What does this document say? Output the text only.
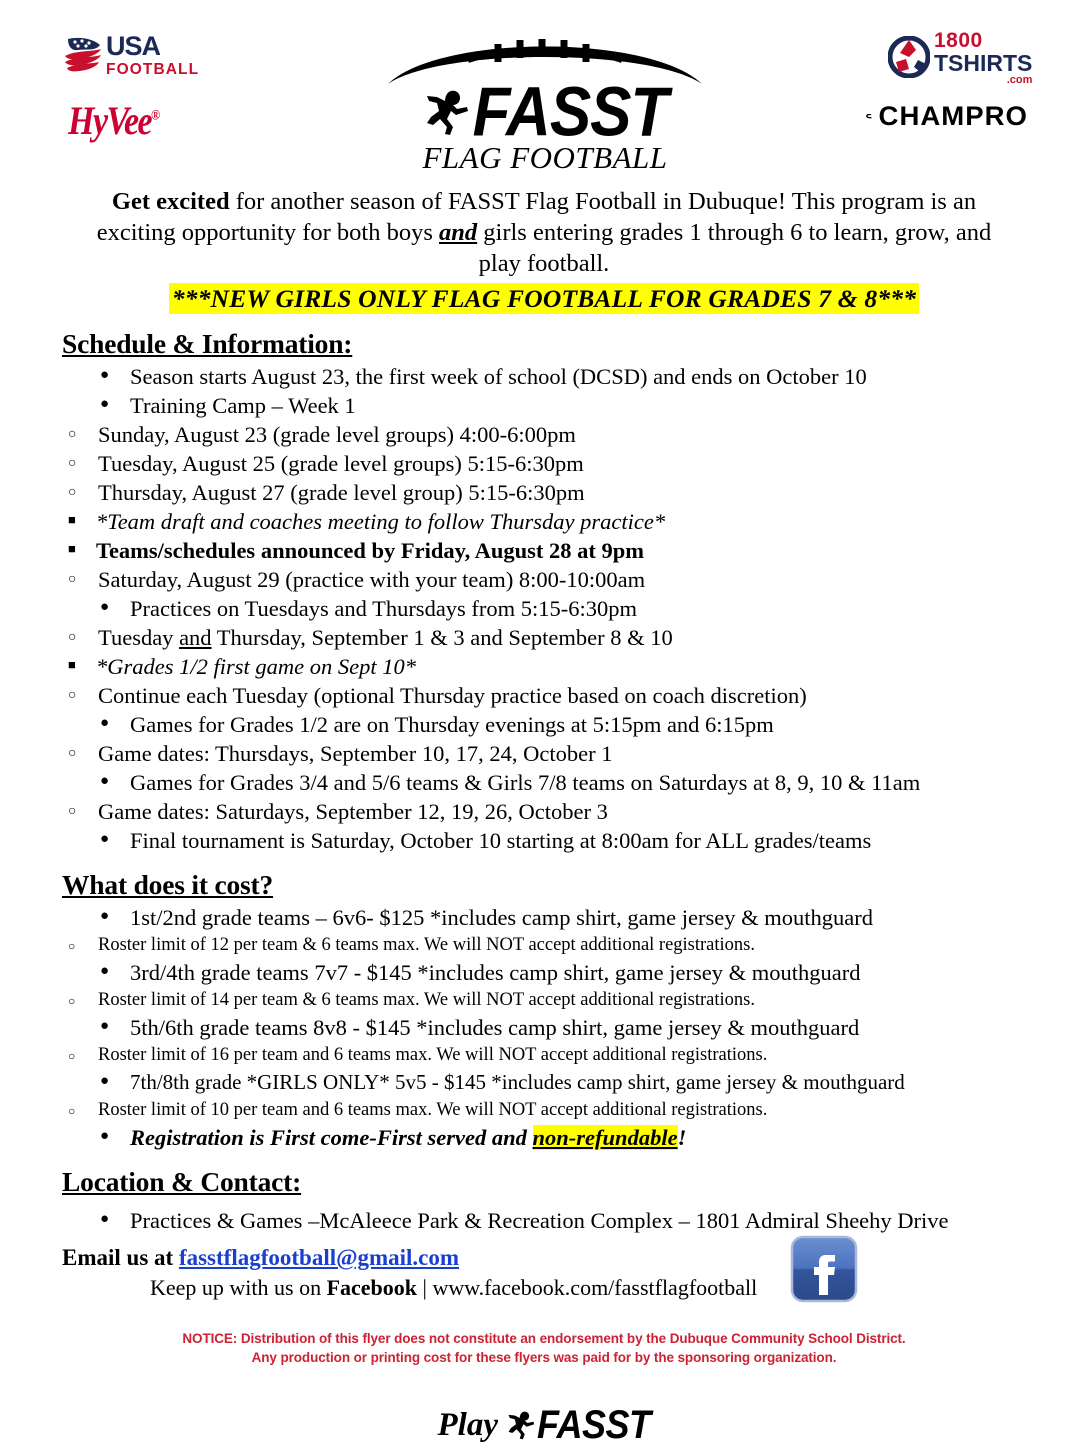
USA
FOOTBALL
HyVee®	FASST
FLAG FOOTBALL
1800
TSHIRTS
.com
CHAMPRO
Get excited for another season of FASST Flag Football in Dubuque! This program is an exciting opportunity for both boys and girls entering grades 1 through 6 to learn, grow, and play football.
***NEW GIRLS ONLY FLAG FOOTBALL FOR GRADES 7 & 8***
Schedule & Information:
● Season starts August 23, the first week of school (DCSD) and ends on October 10
● Training Camp – Week 1
○ Sunday, August 23 (grade level groups) 4:00-6:00pm
○ Tuesday, August 25 (grade level groups) 5:15-6:30pm
○ Thursday, August 27 (grade level group) 5:15-6:30pm
■ *Team draft and coaches meeting to follow Thursday practice*
■ Teams/schedules announced by Friday, August 28 at 9pm
○ Saturday, August 29 (practice with your team) 8:00-10:00am
● Practices on Tuesdays and Thursdays from 5:15-6:30pm
○ Tuesday and Thursday, September 1 & 3 and September 8 & 10
■ *Grades 1/2 first game on Sept 10*
○ Continue each Tuesday (optional Thursday practice based on coach discretion)
● Games for Grades 1/2 are on Thursday evenings at 5:15pm and 6:15pm
○ Game dates: Thursdays, September 10, 17, 24, October 1
● Games for Grades 3/4 and 5/6 teams & Girls 7/8 teams on Saturdays at 8, 9, 10 & 11am
○ Game dates: Saturdays, September 12, 19, 26, October 3
● Final tournament is Saturday, October 10 starting at 8:00am for ALL grades/teams
What does it cost?
● 1st/2nd grade teams – 6v6- $125 *includes camp shirt, game jersey & mouthguard
○ Roster limit of 12 per team & 6 teams max. We will NOT accept additional registrations.
● 3rd/4th grade teams 7v7 - $145 *includes camp shirt, game jersey & mouthguard
○ Roster limit of 14 per team & 6 teams max. We will NOT accept additional registrations.
● 5th/6th grade teams 8v8 - $145 *includes camp shirt, game jersey & mouthguard
○ Roster limit of 16 per team and 6 teams max. We will NOT accept additional registrations.
● 7th/8th grade *GIRLS ONLY* 5v5 - $145 *includes camp shirt, game jersey & mouthguard
○ Roster limit of 10 per team and 6 teams max. We will NOT accept additional registrations.
● Registration is First come-First served and non-refundable!
Location & Contact:
● Practices & Games –McAleece Park & Recreation Complex – 1801 Admiral Sheehy Drive
Email us at fasstflagfootball@gmail.com
Keep up with us on Facebook | www.facebook.com/fasstflagfootball
NOTICE: Distribution of this flyer does not constitute an endorsement by the Dubuque Community School District.
Any production or printing cost for these flyers was paid for by the sponsoring organization.
Play FASST
